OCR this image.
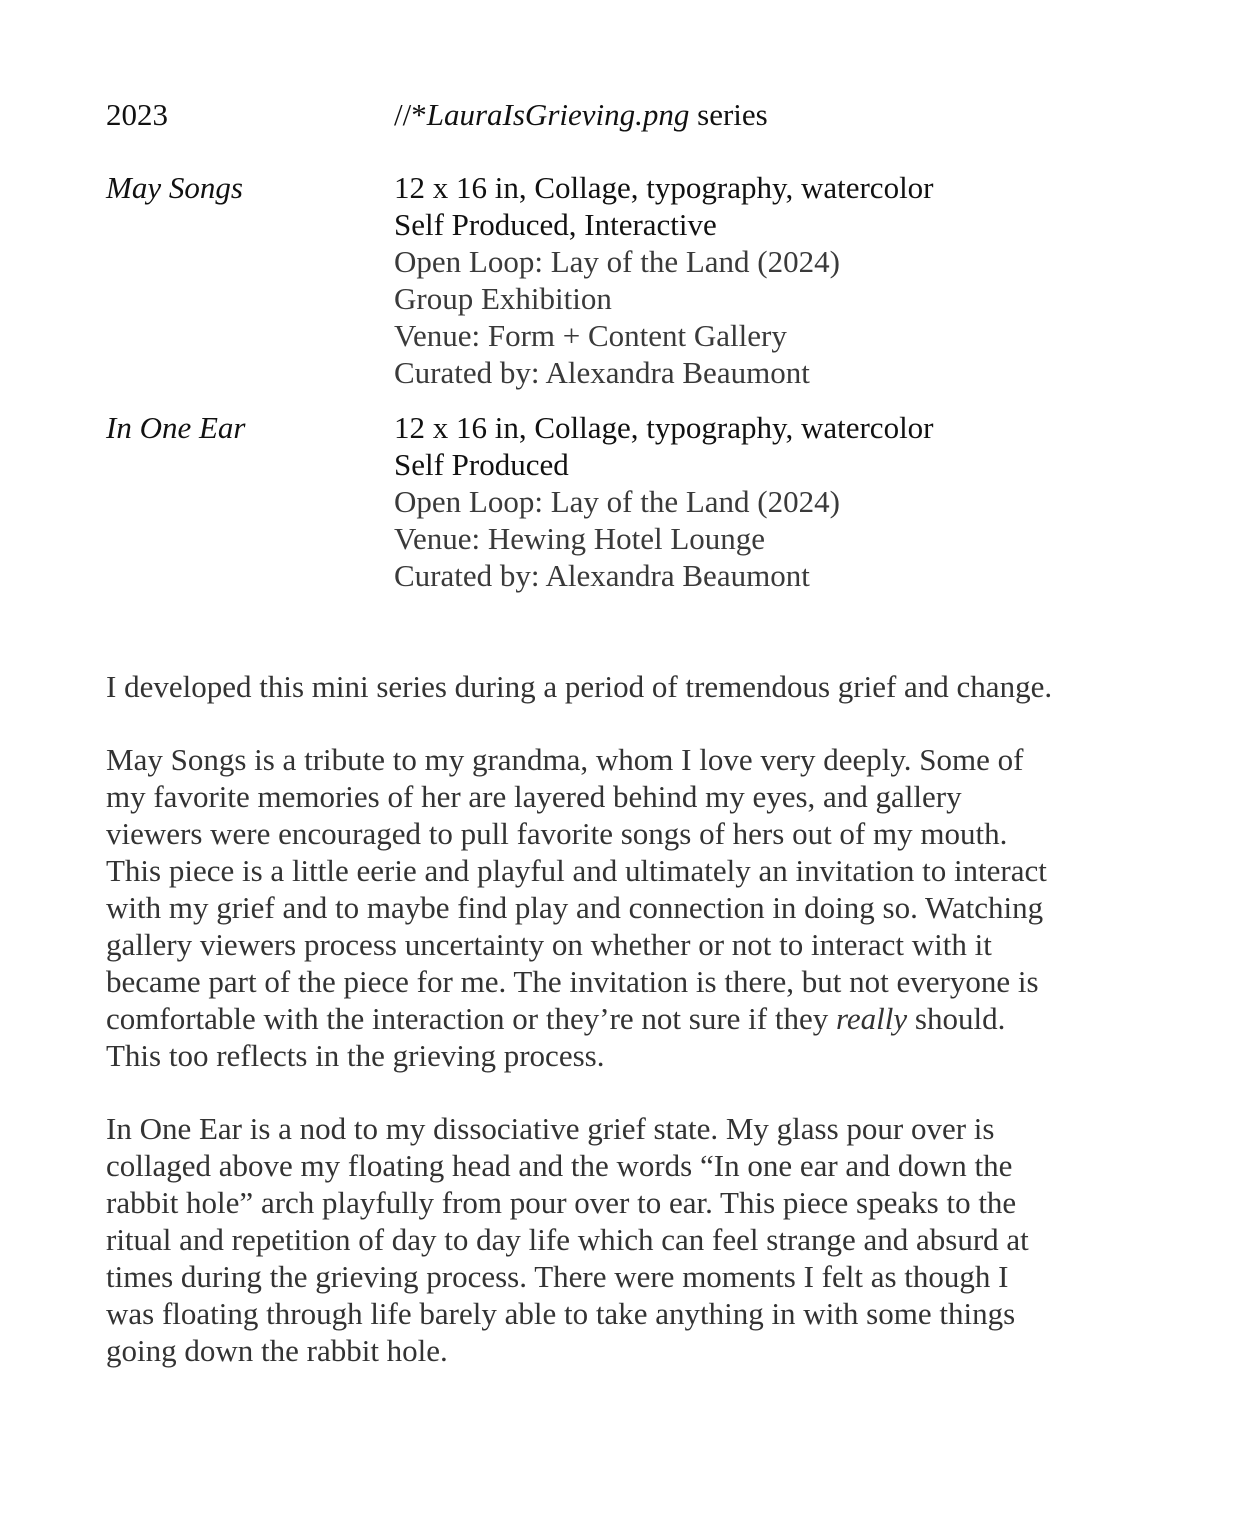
2023	//*LauraIsGrieving.png series
May Songs	12 x 16 in, Collage, typography, watercolor
Self Produced, Interactive
Open Loop: Lay of the Land (2024)
Group Exhibition
Venue: Form + Content Gallery
Curated by: Alexandra Beaumont
In One Ear	12 x 16 in, Collage, typography, watercolor
Self Produced
Open Loop: Lay of the Land (2024)
Venue: Hewing Hotel Lounge
Curated by: Alexandra Beaumont

I developed this mini series during a period of tremendous grief and change.

May Songs is a tribute to my grandma, whom I love very deeply. Some of my favorite memories of her are layered behind my eyes, and gallery viewers were encouraged to pull favorite songs of hers out of my mouth. This piece is a little eerie and playful and ultimately an invitation to interact with my grief and to maybe find play and connection in doing so. Watching gallery viewers process uncertainty on whether or not to interact with it became part of the piece for me. The invitation is there, but not everyone is comfortable with the interaction or they’re not sure if they really should. This too reflects in the grieving process.

In One Ear is a nod to my dissociative grief state. My glass pour over is collaged above my floating head and the words “In one ear and down the rabbit hole” arch playfully from pour over to ear. This piece speaks to the ritual and repetition of day to day life which can feel strange and absurd at times during the grieving process. There were moments I felt as though I was floating through life barely able to take anything in with some things going down the rabbit hole.
